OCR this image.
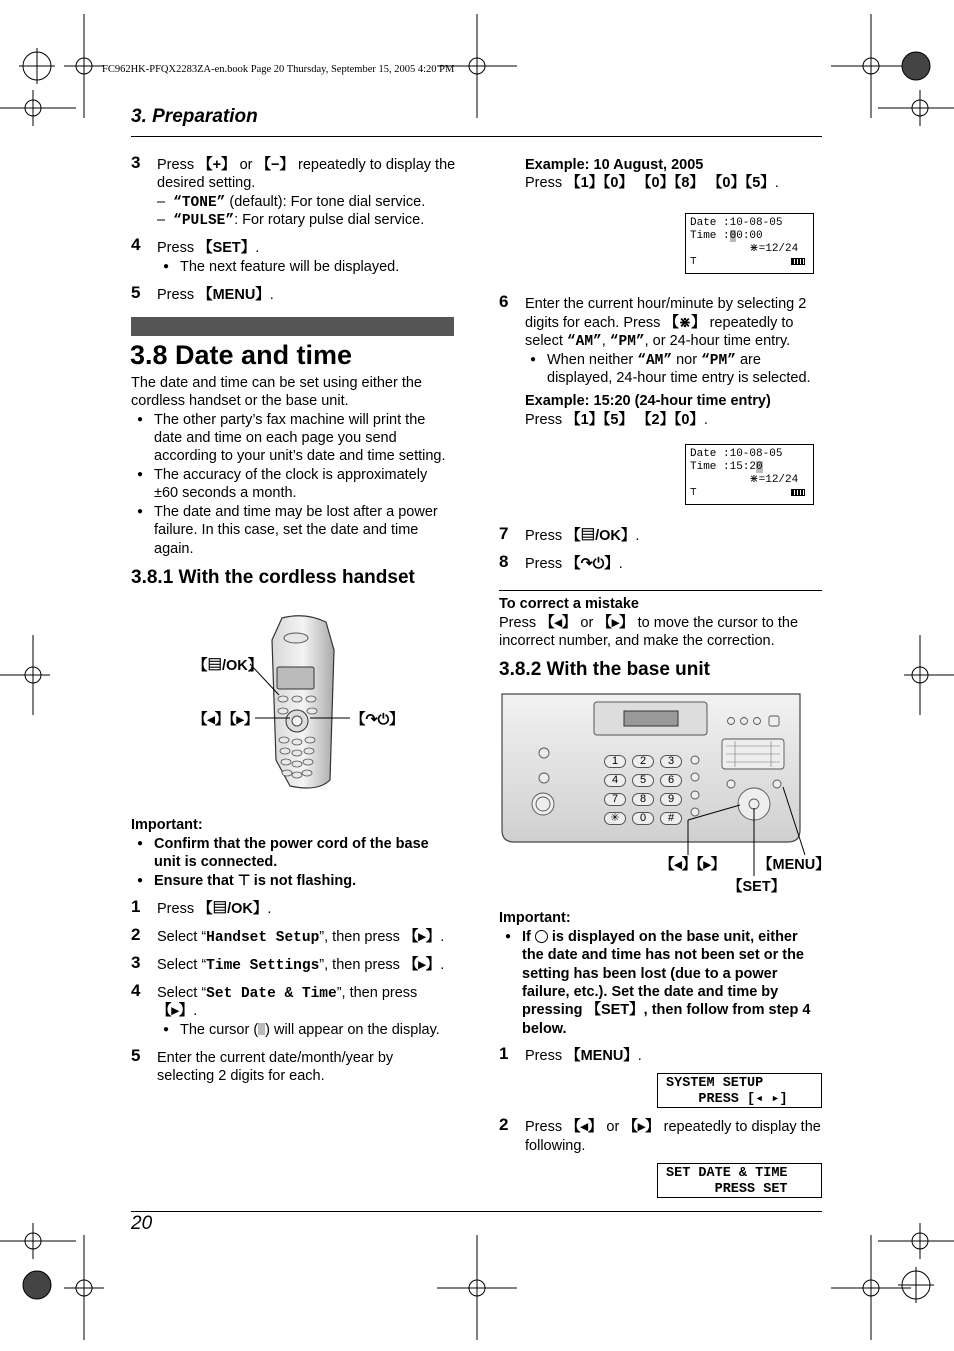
FC962HK-PFQX2283ZA-en.book Page 20 Thursday, September 15, 2005 4:20 PM
3. Preparation
3 Press 【+】 or 【−】 repeatedly to display the
desired setting.
– “TONE” (default): For tone dial service.
– “PULSE”: For rotary pulse dial service.
4 Press 【SET】.
● The next feature will be displayed.
5 Press 【MENU】.
3.8 Date and time
The date and time can be set using either the
cordless handset or the base unit.
● The other party’s fax machine will print the
date and time on each page you send
according to your unit’s date and time setting.
● The accuracy of the clock is approximately
±60 seconds a month.
● The date and time may be lost after a power
failure. In this case, set the date and time
again.
3.8.1 With the cordless handset
【▤/OK】
【◂】【▸】	【↷⏻】
Important:
● Confirm that the power cord of the base
unit is connected.
● Ensure that ⊤ is not flashing.
1 Press 【▤/OK】.
2 Select “Handset Setup”, then press 【▸】.
3 Select “Time Settings”, then press 【▸】.
4 Select “Set Date & Time”, then press
【▸】.
● The cursor ( ) will appear on the display.
5 Enter the current date/month/year by
selecting 2 digits for each.
Example: 10 August, 2005
Press 【1】【0】 【0】【8】 【0】【5】.
Date :10-08-05
Time :00:00
⋇=12/24
⊤
6 Enter the current hour/minute by selecting 2
digits for each. Press 【⋇】 repeatedly to
select “AM”, “PM”, or 24-hour time entry.
● When neither “AM” nor “PM” are
displayed, 24-hour time entry is selected.
Example: 15:20 (24-hour time entry)
Press 【1】【5】 【2】【0】.
Date :10-08-05
Time :15:20
⋇=12/24
⊤
7 Press 【▤/OK】.
8 Press 【↷⏻】.
To correct a mistake
Press 【◂】 or 【▸】 to move the cursor to the
incorrect number, and make the correction.
3.8.2 With the base unit
1 2 34 5 67 8 9✳ 0 #
【◂】【▸】 【MENU】
【SET】
Important:
● If is displayed on the base unit, either
the date and time has not been set or the
setting has been lost (due to a power
failure, etc.). Set the date and time by
pressing 【SET】, then follow from step 4
below.
1 Press 【MENU】.
SYSTEM SETUP
PRESS [◂ ▸]
2 Press 【◂】 or 【▸】 repeatedly to display the
following.
SET DATE & TIME
PRESS SET
20
